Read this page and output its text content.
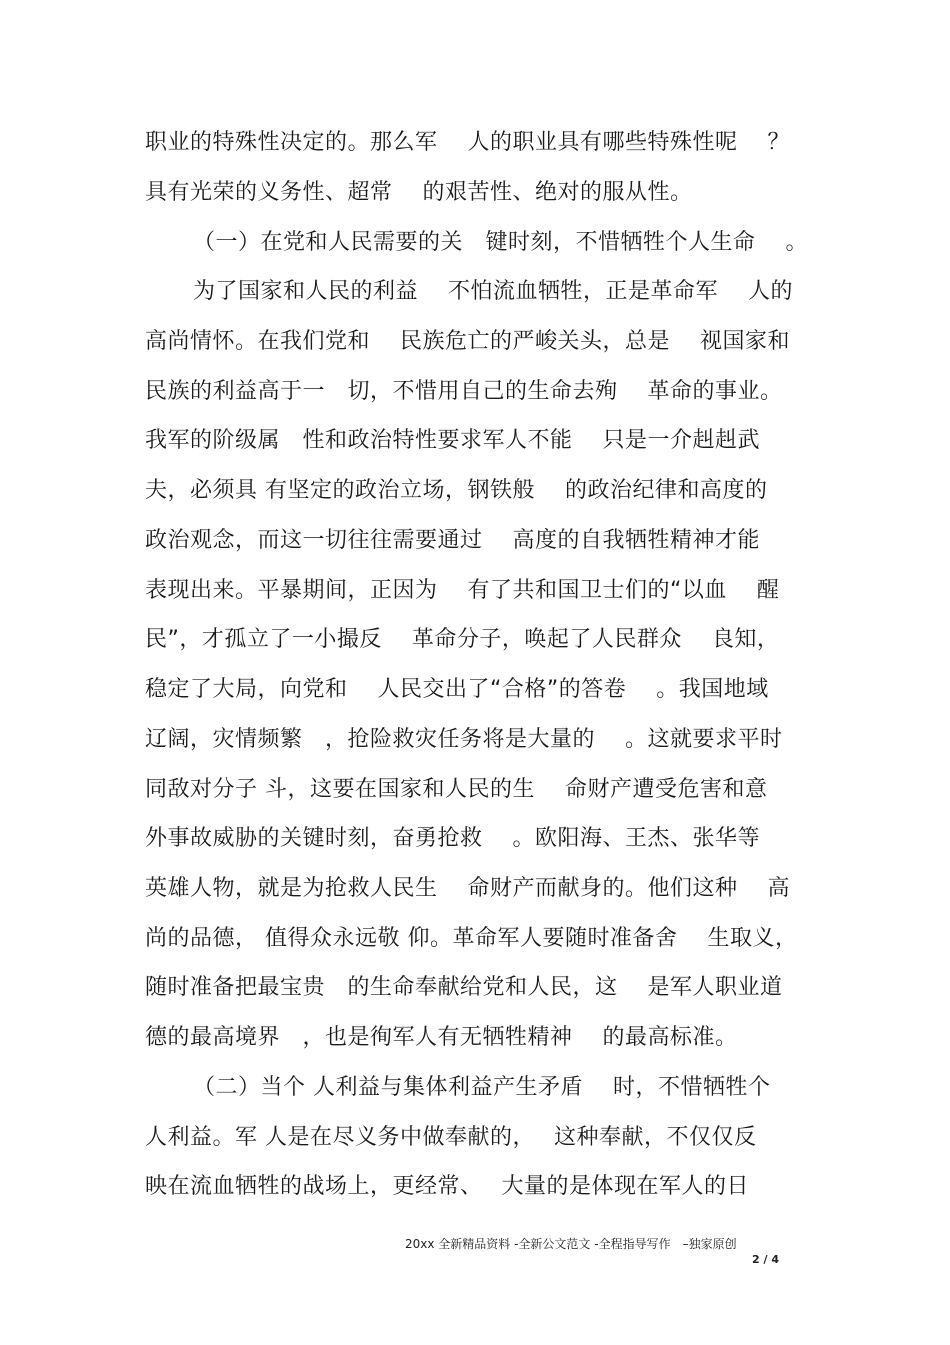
职业的特殊性决定的。那么军　 人的职业具有哪些特殊性呢　 ？
具有光荣的义务性、超常　 的艰苦性、绝对的服从性。
（一）在党和人民需要的关　键时刻，不惜牺牲个人生命　 。
为了国家和人民的利益　 不怕流血牺牲，正是革命军　 人的
高尚情怀。在我们党和　 民族危亡的严峻关头，总是　 视国家和
民族的利益高于一　切，不惜用自己的生命去殉　 革命的事业。
我军的阶级属　性和政治特性要求军人不能　 只是一介赳赳武
夫，必须具 有坚定的政治立场，钢铁般　 的政治纪律和高度的
政治观念，而这一切往往需要通过　 高度的自我牺牲精神才能
表现出来。平暴期间，正因为　 有了共和国卫士们的“以血　 醒
民”，才孤立了一小撮反　 革命分子，唤起了人民群众　 良知，
稳定了大局，向党和　 人民交出了“合格”的答卷　 。我国地域
辽阔，灾情频繁　，抢险救灾任务将是大量的　 。这就要求平时
同敌对分子 斗，这要在国家和人民的生　 命财产遭受危害和意
外事故威胁的关键时刻，奋勇抢救　 。欧阳海、王杰、张华等
英雄人物，就是为抢救人民生　 命财产而献身的。他们这种　 高
尚的品德， 值得众永远敬 仰。革命军人要随时准备舍　 生取义，
随时准备把最宝贵　的生命奉献给党和人民，这　 是军人职业道
德的最高境界　，也是徇军人有无牺牲精神　 的最高标准。
（二）当个 人利益与集体利益产生矛盾　 时，不惜牺牲个
人利益。军 人是在尽义务中做奉献的，　 这种奉献，不仅仅反
映在流血牺牲的战场上，更经常、　 大量的是体现在军人的日
20xx 全新精品资料 -全新公文范文 -全程指导写作　–独家原创
2 / 4
